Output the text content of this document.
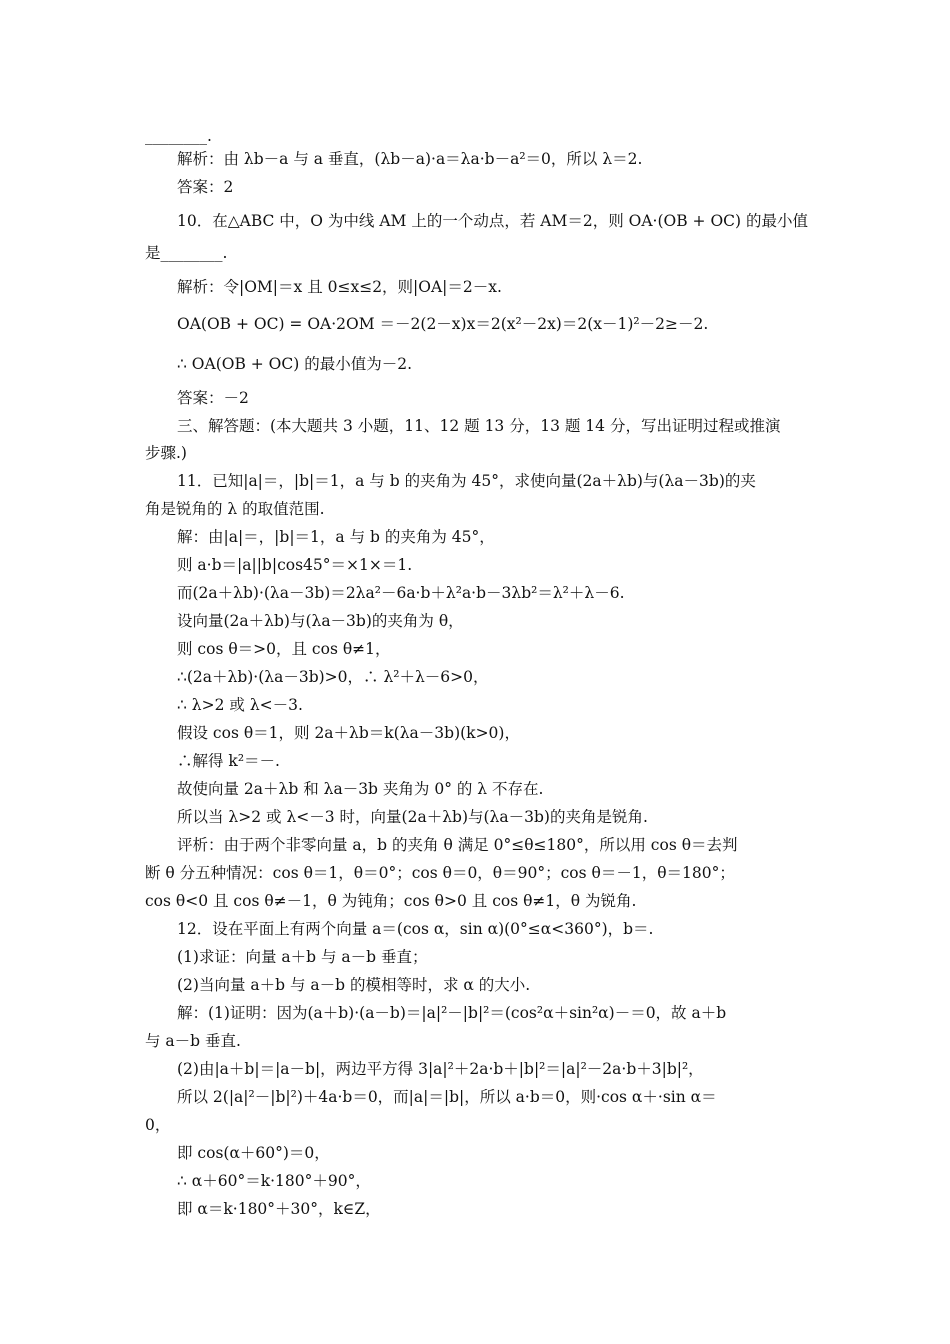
________.
解析：由 λb－a 与 a 垂直，(λb－a)·a＝λa·b－a²＝0，所以 λ＝2.
答案：2
10．在△ABC 中，O 为中线 AM 上的一个动点，若 AM＝2，则 OA·(OB + OC) 的最小值
是________.
解析：令|OM|＝x 且 0≤x≤2，则|OA|＝2－x.
OA(OB + OC) = OA·2OM ＝－2(2－x)x＝2(x²－2x)＝2(x－1)²－2≥－2.
∴ OA(OB + OC) 的最小值为－2.
答案：－2
三、解答题：(本大题共 3 小题，11、12 题 13 分，13 题 14 分，写出证明过程或推演
步骤.)
11．已知|a|＝，|b|＝1，a 与 b 的夹角为 45°，求使向量(2a＋λb)与(λa－3b)的夹
角是锐角的 λ 的取值范围.
解：由|a|＝，|b|＝1，a 与 b 的夹角为 45°，
则 a·b＝|a||b|cos45°＝×1×＝1.
而(2a＋λb)·(λa－3b)＝2λa²－6a·b＋λ²a·b－3λb²＝λ²＋λ－6.
设向量(2a＋λb)与(λa－3b)的夹角为 θ，
则 cos θ＝>0，且 cos θ≠1，
∴(2a＋λb)·(λa－3b)>0，∴ λ²＋λ－6>0，
∴ λ>2 或 λ<－3.
假设 cos θ＝1，则 2a＋λb＝k(λa－3b)(k>0)，
∴解得 k²＝－.
故使向量 2a＋λb 和 λa－3b 夹角为 0° 的 λ 不存在.
所以当 λ>2 或 λ<－3 时，向量(2a＋λb)与(λa－3b)的夹角是锐角.
评析：由于两个非零向量 a，b 的夹角 θ 满足 0°≤θ≤180°，所以用 cos θ＝去判
断 θ 分五种情况：cos θ＝1，θ＝0°；cos θ＝0，θ＝90°；cos θ＝－1，θ＝180°；
cos θ<0 且 cos θ≠－1，θ 为钝角；cos θ>0 且 cos θ≠1，θ 为锐角.
12．设在平面上有两个向量 a＝(cos α，sin α)(0°≤α<360°)，b＝.
(1)求证：向量 a＋b 与 a－b 垂直；
(2)当向量 a＋b 与 a－b 的模相等时，求 α 的大小.
解：(1)证明：因为(a＋b)·(a－b)＝|a|²－|b|²＝(cos²α＋sin²α)－＝0，故 a＋b
与 a－b 垂直.
(2)由|a＋b|＝|a－b|，两边平方得 3|a|²＋2a·b＋|b|²＝|a|²－2a·b＋3|b|²，
所以 2(|a|²－|b|²)＋4a·b＝0，而|a|＝|b|，所以 a·b＝0，则·cos α＋·sin α＝
0，
即 cos(α＋60°)＝0，
∴ α＋60°＝k·180°＋90°，
即 α＝k·180°＋30°，k∈Z，
